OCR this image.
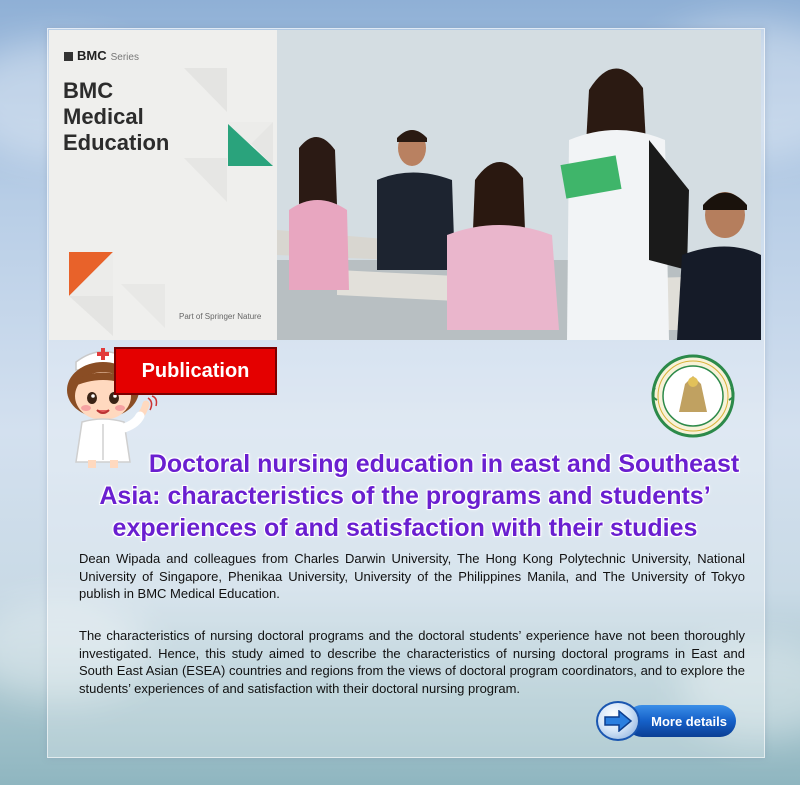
BMC Series
BMC
Medical
Education
Part of Springer Nature
Publication
Doctoral nursing education in east and Southeast
Asia: characteristics of the programs and students’
experiences of and satisfaction with their studies
Dean Wipada and colleagues from Charles Darwin University, The Hong Kong Polytechnic University, National University of Singapore, Phenikaa University, University of the Philippines Manila, and The University of Tokyo publish in BMC Medical Education.
The characteristics of nursing doctoral programs and the doctoral students’ experience have not been thoroughly investigated. Hence, this study aimed to describe the characteristics of nursing doctoral programs in East and South East Asian (ESEA) countries and regions from the views of doctoral program coordinators, and to explore the students’ experiences of and satisfaction with their doctoral nursing program.
More details
